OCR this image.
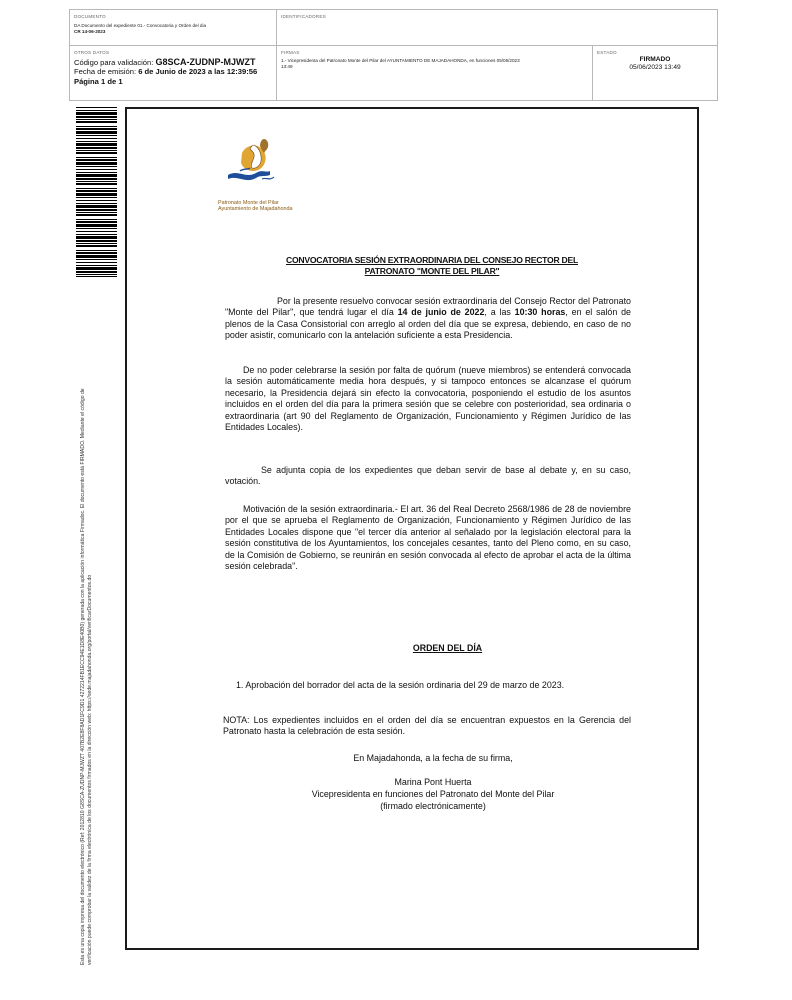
DOCUMENTO
DA Documento del expediente 01.- Convocatoria y Orden del dia
CR 14-06-2023
IDENTIFICADORES
OTROS DATOS
Código para validación: G8SCA-ZUDNP-MJWZT
Fecha de emisión: 6 de Junio de 2023 a las 12:39:56
Página 1 de 1
FIRMAS
1.- Vicepresidenta del Patronato Monte del Pilar del AYUNTAMIENTO DE MAJADAHONDA, en funciones 05/06/2023
13:49
ESTADO
FIRMADO
05/06/2023 13:49
Esta es una copia impresa del documento electrónico (Ref: 2012810 G8SCA-ZUDNP-MJWZT 407B2E8F8AD1FC9D1 4272214FB1ECC94E1D8E40B0) generada con la aplicación informática Firmadoc. El documento está FIRMADO. Mediante el código de verificación puede comprobar la validez de la firma electrónica de los documentos firmados en la dirección web: https://sede.majadahonda.org/portal/verificarDocumentos.do
Patronato Monte del Pilar
Ayuntamiento de Majadahonda
CONVOCATORIA SESIÓN EXTRAORDINARIA DEL CONSEJO RECTOR DEL
PATRONATO "MONTE DEL PILAR"
Por la presente resuelvo convocar sesión extraordinaria del Consejo Rector del Patronato "Monte del Pilar", que tendrá lugar el día 14 de junio de 2022, a las 10:30 horas, en el salón de plenos de la Casa Consistorial con arreglo al orden del día que se expresa, debiendo, en caso de no poder asistir, comunicarlo con la antelación suficiente a esta Presidencia.
De no poder celebrarse la sesión por falta de quórum (nueve miembros) se entenderá convocada la sesión automáticamente media hora después, y si tampoco entonces se alcanzase el quórum necesario, la Presidencia dejará sin efecto la convocatoria, posponiendo el estudio de los asuntos incluidos en el orden del día para la primera sesión que se celebre con posterioridad, sea ordinaria o extraordinaria (art 90 del Reglamento de Organización, Funcionamiento y Régimen Jurídico de las Entidades Locales).
Se adjunta copia de los expedientes que deban servir de base al debate y, en su caso, votación.
Motivación de la sesión extraordinaria.- El art. 36 del Real Decreto 2568/1986 de 28 de noviembre por el que se aprueba el Reglamento de Organización, Funcionamiento y Régimen Jurídico de las Entidades Locales dispone que "el tercer día anterior al señalado por la legislación electoral para la sesión constitutiva de los Ayuntamientos, los concejales cesantes, tanto del Pleno como, en su caso, de la Comisión de Gobierno, se reunirán en sesión convocada al efecto de aprobar el acta de la última sesión celebrada".
ORDEN DEL DÍA
1. Aprobación del borrador del acta de la sesión ordinaria del 29 de marzo de 2023.
NOTA: Los expedientes incluidos en el orden del día se encuentran expuestos en la Gerencia del Patronato hasta la celebración de esta sesión.
En Majadahonda, a la fecha de su firma,
Marina Pont Huerta
Vicepresidenta en funciones del Patronato del Monte del Pilar
(firmado electrónicamente)
